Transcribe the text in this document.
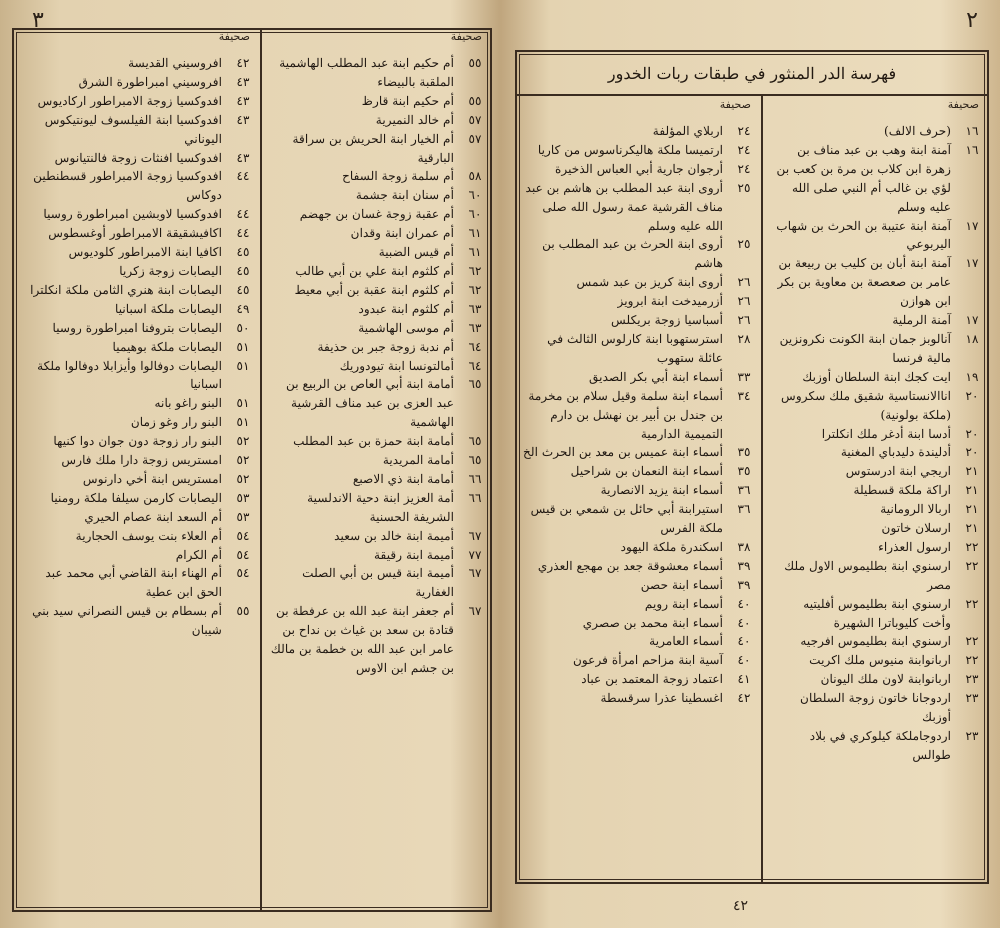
٣
صحيفة
٥٥
أم حكيم ابنة عبد المطلب الهاشمية الملقبة بالبيضاء
٥٥
أم حكيم ابنة قارظ
٥٧
أم خالد النميرية
٥٧
أم الخيار ابنة الحريش بن سراقة البارقية
٥٨
أم سلمة زوجة السفاح
٦٠
أم سنان ابنة جشمة
٦٠
أم عقبة زوجة غسان بن جهضم
٦١
أم عمران ابنة وقدان
٦١
أم قيس الضبية
٦٢
أم كلثوم ابنة علي بن أبي طالب
٦٢
أم كلثوم ابنة عقبة بن أبي معيط
٦٣
أم كلثوم ابنة عبدود
٦٣
أم موسى الهاشمية
٦٤
أم ندبة زوجة جبر بن حذيفة
٦٤
أمالتونسا ابنة تيودوريك
٦٥
أمامة ابنة أبي العاص بن الربيع بن عبد العزى بن عبد مناف القرشية الهاشمية
٦٥
أمامة ابنة حمزة بن عبد المطلب
٦٥
أمامة المريدية
٦٦
أمامة ابنة ذي الاصبع
٦٦
أمة العزيز ابنة دحية الاندلسية الشريفة الحسنية
٦٧
أميمة ابنة خالد بن سعيد
٧٧
أميمة ابنة رقيقة
٦٧
أميمة ابنة قيس بن أبي الصلت الغفارية
٦٧
أم جعفر ابنة عبد الله بن عرفطة بن قتادة بن سعد بن غياث بن نداح بن عامر ابن عبد الله بن خطمة بن مالك بن جشم ابن الاوس
صحيفة
٤٢
افروسيني القديسة
٤٣
افروسيني امبراطورة الشرق
٤٣
افدوكسيا زوجة الامبراطور اركاديوس
٤٣
افدوكسيا ابنة الفيلسوف ليونتيكوس اليوناني
٤٣
افدوكسيا افنثات زوجة فالنتيانوس
٤٤
افدوكسيا زوجة الامبراطور قسطنطين دوكاس
٤٤
افدوكسيا لاوبشين امبراطورة روسيا
٤٤
اكافيشقيقة الامبراطور أوغسطوس
٤٥
اكافيا ابنة الامبراطور كلوديوس
٤٥
اليصابات زوجة زكريا
٤٥
اليصابات ابنة هنري الثامن ملكة انكلترا
٤٩
اليصابات ملكة اسبانيا
٥٠
اليصابات بتروفنا امبراطورة روسيا
٥١
اليصابات ملكة بوهيميا
٥١
اليصابات دوفالوا وأيزابلا دوفالوا ملكة اسبانيا
٥١
البنو راغو بانه
٥١
البنو رار وغو زمان
٥٢
البنو رار زوجة دون جوان دوا كنيها
٥٢
امستريس زوجة دارا ملك فارس
٥٢
امستريس ابنة أخي دارنوس
٥٣
اليصابات كارمن سيلفا ملكة رومنيا
٥٣
أم السعد ابنة عصام الحيري
٥٤
أم العلاء بنت يوسف الحجارية
٥٤
أم الكرام
٥٤
أم الهناء ابنة القاضي أبي محمد عبد الحق ابن عطية
٥٥
أم بسطام بن قيس النصراني سيد بني شيبان
٢
فهرسة الدر المنثور في طبقات ربات الخدور
صحيفة
١٦
(حرف الالف)
١٦
آمنة ابنة وهب بن عبد مناف بن زهرة ابن كلاب بن مرة بن كعب بن لؤي بن غالب أم النبي صلى الله عليه وسلم
١٧
آمنة ابنة عتيبة بن الحرث بن شهاب اليربوعي
١٧
آمنة ابنة أبان بن كليب بن ربيعة بن عامر بن صعصعة بن معاوية بن بكر ابن هوازن
١٧
آمنة الرملية
١٨
آنالوبز جمان ابنة الكونت نكرونزين مالية فرنسا
١٩
ايت كجك ابنة السلطان أوزبك
٢٠
اناالانستاسية شقيق ملك سكروس (ملكة بولونية)
٢٠
أدسا ابنة أدغر ملك انكلترا
٢٠
أدليندة دليدباي المغنية
٢١
اريجي ابنة ادرستوس
٢١
اراكة ملكة قسطيلة
٢١
اربالا الرومانية
٢١
ارسلان خاتون
٢٢
ارسول العذراء
٢٢
ارسنوي ابنة بطليموس الاول ملك مصر
٢٢
ارسنوي ابنة بطليموس أفليتيه وأخت كليوباترا الشهيرة
٢٢
ارسنوي ابنة بطليموس افرجيه
٢٢
اربانوابنة منيوس ملك اكريت
٢٣
اربانوابنة لاون ملك اليونان
٢٣
اردوجانا خاتون زوجة السلطان أوزبك
٢٣
اردوجاملكة كيلوكري في بلاد طوالس
صحيفة
٢٤
اربلاي المؤلفة
٢٤
ارتميسا ملكة هاليكرناسوس من كاريا
٢٤
أرجوان جارية أبي العباس الذخيرة
٢٥
أروى ابنة عبد المطلب بن هاشم بن عبد مناف القرشية عمة رسول الله صلى الله عليه وسلم
٢٥
أروى ابنة الحرث بن عبد المطلب بن هاشم
٢٦
أروى ابنة كريز بن عبد شمس
٢٦
أزرميدخت ابنة ابرويز
٢٦
أسباسيا زوجة بريكلس
٢٨
استرستهوبا ابنة كارلوس الثالث في عائلة ستهوب
٣٣
أسماء ابنة أبي بكر الصديق
٣٤
أسماء ابنة سلمة وقيل سلام بن مخرمة بن جندل بن أبير بن نهشل بن دارم التميمية الدارمية
٣٥
أسماء ابنة عميس بن معد بن الحرث الخ
٣٥
أسماء ابنة النعمان بن شراحيل
٣٦
أسماء ابنة يزيد الانصارية
٣٦
استيرابنة أبي حائل بن شمعي بن قيس ملكة الفرس
٣٨
اسكندرة ملكة اليهود
٣٩
أسماء معشوقة جعد بن مهجع العذري
٣٩
أسماء ابنة حصن
٤٠
أسماء ابنة رويم
٤٠
أسماء ابنة محمد بن صصري
٤٠
أسماء العامرية
٤٠
آسية ابنة مزاحم امرأة فرعون
٤١
اعتماد زوجة المعتمد بن عباد
٤٢
اغسطينا عذرا سرقسطة
٤٢
